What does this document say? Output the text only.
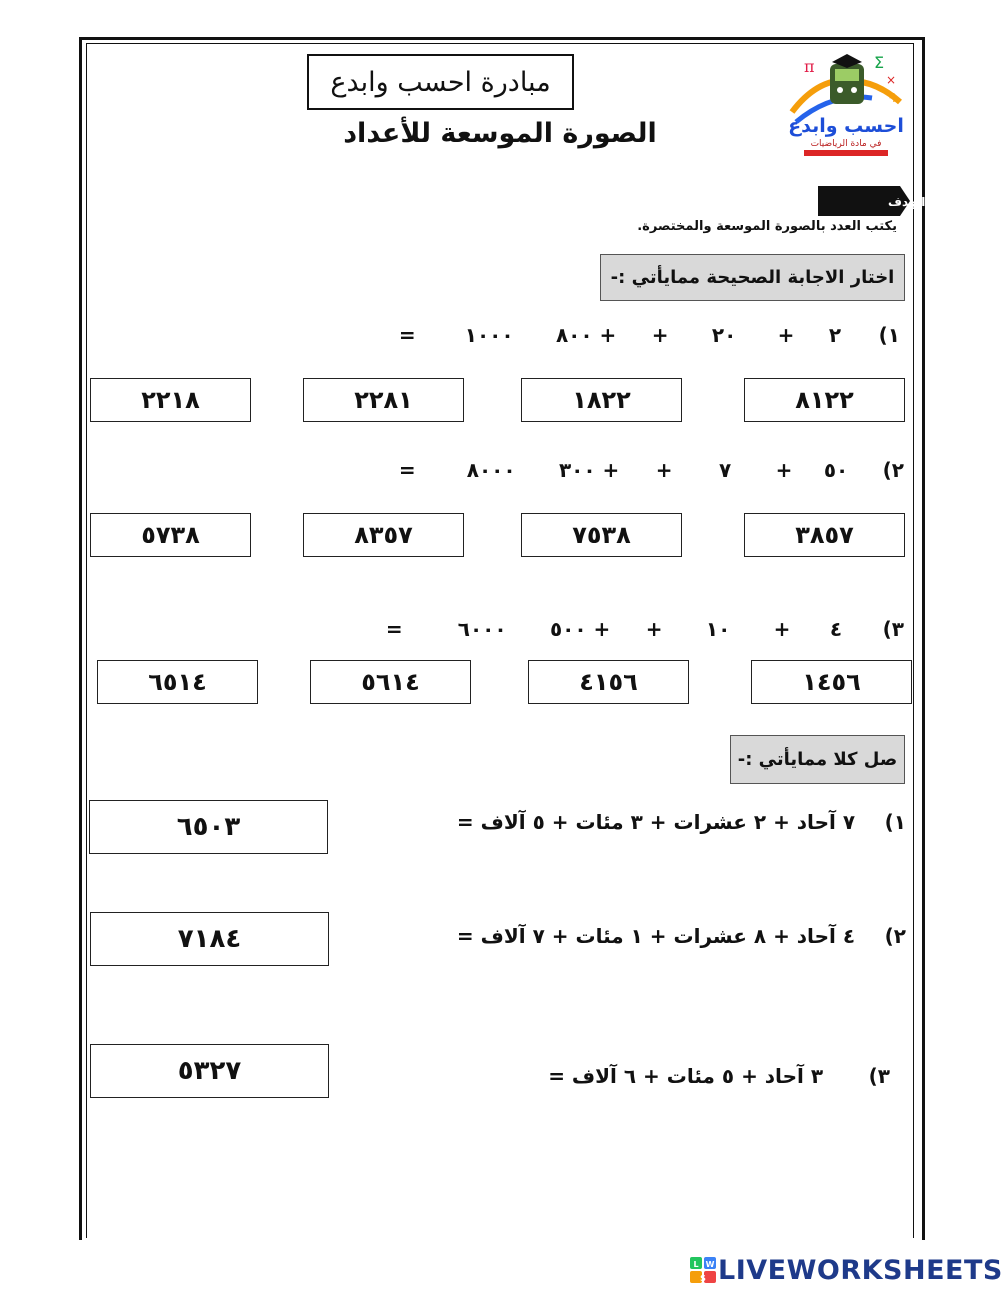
مبادرة احسب وابدع
الصورة الموسعة للأعداد
π	Σ
×
+
احسب وابدع
في مادة الرياضيات
الهدف
يكتب العدد بالصورة الموسعة والمختصرة.
اختار الاجابة الصحيحة ممايأتي :-
١) ٢ + ٢٠ + + ٨٠٠ ١٠٠٠ =
٨١٢٢
١٨٢٢
٢٢٨١
٢٢١٨
٢) ٥٠ + ٧ + + ٣٠٠ ٨٠٠٠ =
٣٨٥٧
٧٥٣٨
٨٣٥٧
٥٧٣٨
٣) ٤ + ١٠ + + ٥٠٠ ٦٠٠٠ =
١٤٥٦
٤١٥٦
٥٦١٤
٦٥١٤
صل كلا ممايأتي :-
١) ٧ آحاد + ٢ عشرات + ٣ مئات + ٥ آلاف =
٦٥٠٣
٢) ٤ آحاد + ٨ عشرات + ١ مئات + ٧ آلاف =
٧١٨٤
٣) ٣ آحاد + ٥ مئات + ٦ آلاف =
٥٣٢٧
L W
S LIVEWORKSHEETS
